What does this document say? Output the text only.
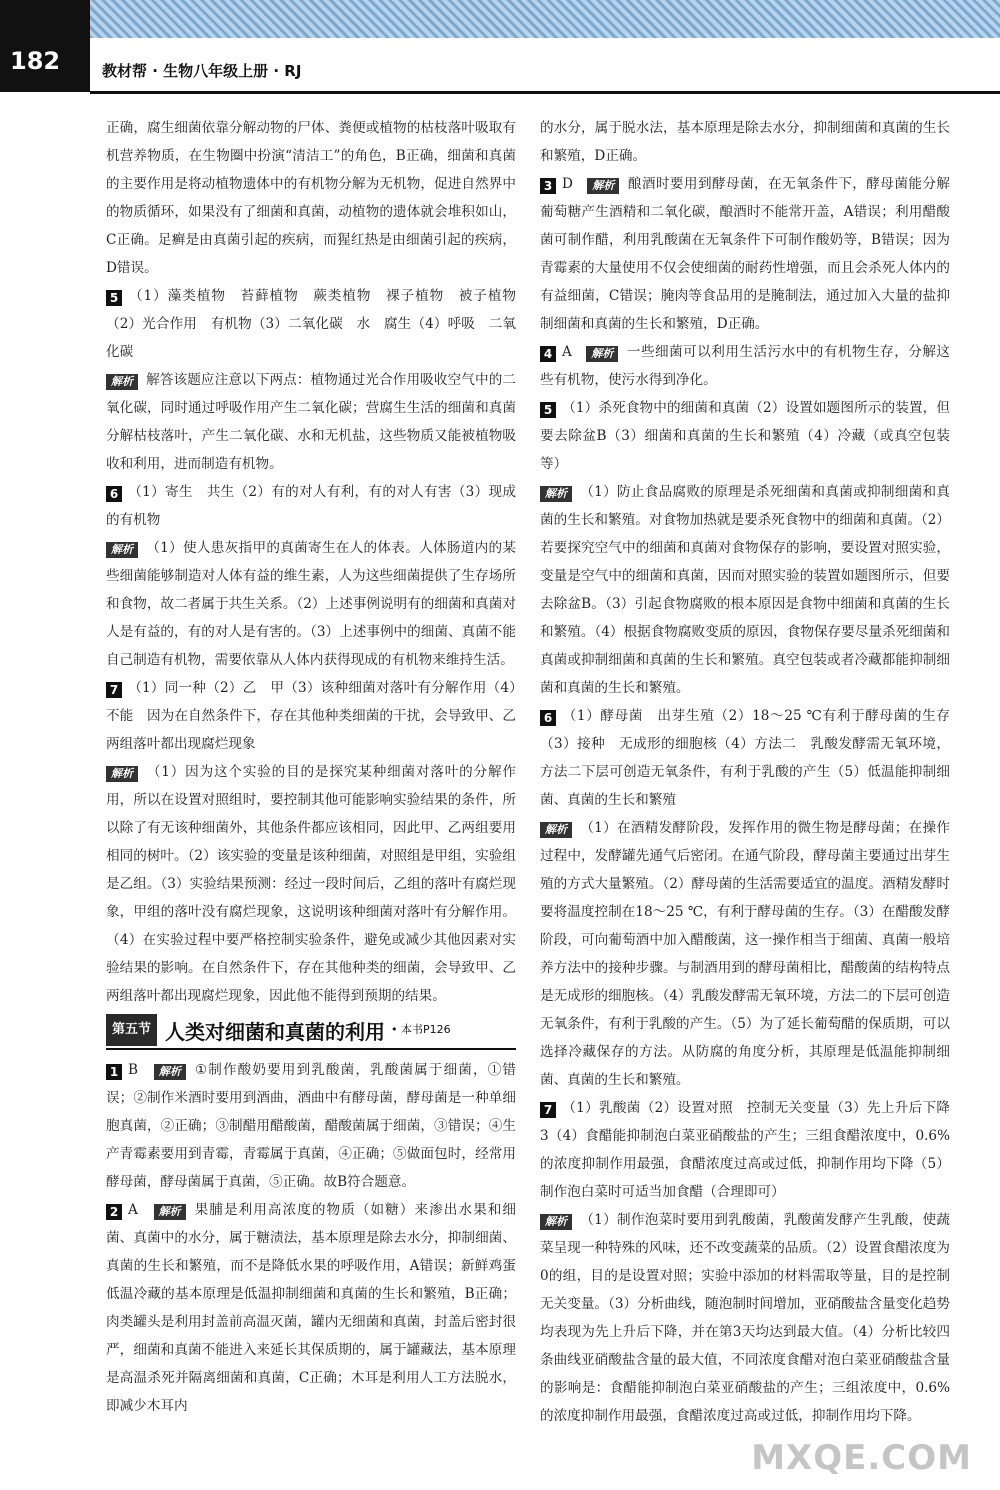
182	教材帮 · 生物八年级上册 · RJ

正确，腐生细菌依靠分解动物的尸体、粪便或植物的枯枝落叶吸取有机营养物质，在生物圈中扮演“清洁工”的角色，B正确，细菌和真菌的主要作用是将动植物遗体中的有机物分解为无机物，促进自然界中的物质循环，如果没有了细菌和真菌，动植物的遗体就会堆积如山，C正确。足癣是由真菌引起的疾病，而猩红热是由细菌引起的疾病，D错误。

5 （1）藻类植物　苔藓植物　蕨类植物　裸子植物　被子植物（2）光合作用　有机物（3）二氧化碳　水　腐生（4）呼吸　二氧化碳

解析 解答该题应注意以下两点：植物通过光合作用吸收空气中的二氧化碳，同时通过呼吸作用产生二氧化碳；营腐生生活的细菌和真菌分解枯枝落叶，产生二氧化碳、水和无机盐，这些物质又能被植物吸收和利用，进而制造有机物。

6 （1）寄生　共生（2）有的对人有利，有的对人有害（3）现成的有机物

解析 （1）使人患灰指甲的真菌寄生在人的体表。人体肠道内的某些细菌能够制造对人体有益的维生素，人为这些细菌提供了生存场所和食物，故二者属于共生关系。（2）上述事例说明有的细菌和真菌对人是有益的，有的对人是有害的。（3）上述事例中的细菌、真菌不能自己制造有机物，需要依靠从人体内获得现成的有机物来维持生活。

7 （1）同一种（2）乙　甲（3）该种细菌对落叶有分解作用（4）不能　因为在自然条件下，存在其他种类细菌的干扰，会导致甲、乙两组落叶都出现腐烂现象

解析 （1）因为这个实验的目的是探究某种细菌对落叶的分解作用，所以在设置对照组时，要控制其他可能影响实验结果的条件，所以除了有无该种细菌外，其他条件都应该相同，因此甲、乙两组要用相同的树叶。（2）该实验的变量是该种细菌，对照组是甲组，实验组是乙组。（3）实验结果预测：经过一段时间后，乙组的落叶有腐烂现象，甲组的落叶没有腐烂现象，这说明该种细菌对落叶有分解作用。（4）在实验过程中要严格控制实验条件，避免或减少其他因素对实验结果的影响。在自然条件下，存在其他种类的细菌，会导致甲、乙两组落叶都出现腐烂现象，因此他不能得到预期的结果。

第五节 人类对细菌和真菌的利用 • 本书P126

1 B　 解析 ①制作酸奶要用到乳酸菌，乳酸菌属于细菌，①错误；②制作米酒时要用到酒曲，酒曲中有酵母菌，酵母菌是一种单细胞真菌，②正确；③制醋用醋酸菌，醋酸菌属于细菌，③错误；④生产青霉素要用到青霉，青霉属于真菌，④正确；⑤做面包时，经常用酵母菌，酵母菌属于真菌，⑤正确。故B符合题意。

2 A　 解析 果脯是利用高浓度的物质（如糖）来渗出水果和细菌、真菌中的水分，属于糖渍法，基本原理是除去水分，抑制细菌、真菌的生长和繁殖，而不是降低水果的呼吸作用，A错误；新鲜鸡蛋低温冷藏的基本原理是低温抑制细菌和真菌的生长和繁殖，B正确；肉类罐头是利用封盖前高温灭菌，罐内无细菌和真菌，封盖后密封很严，细菌和真菌不能进入来延长其保质期的，属于罐藏法，基本原理是高温杀死并隔离细菌和真菌，C正确；木耳是利用人工方法脱水，即减少木耳内

的水分，属于脱水法，基本原理是除去水分，抑制细菌和真菌的生长和繁殖，D正确。

3 D　 解析 酿酒时要用到酵母菌，在无氧条件下，酵母菌能分解葡萄糖产生酒精和二氧化碳，酿酒时不能常开盖，A错误；利用醋酸菌可制作醋，利用乳酸菌在无氧条件下可制作酸奶等，B错误；因为青霉素的大量使用不仅会使细菌的耐药性增强，而且会杀死人体内的有益细菌，C错误；腌肉等食品用的是腌制法，通过加入大量的盐抑制细菌和真菌的生长和繁殖，D正确。

4 A　 解析 一些细菌可以利用生活污水中的有机物生存，分解这些有机物，使污水得到净化。

5 （1）杀死食物中的细菌和真菌（2）设置如题图所示的装置，但要去除盆B（3）细菌和真菌的生长和繁殖（4）冷藏（或真空包装等）

解析 （1）防止食品腐败的原理是杀死细菌和真菌或抑制细菌和真菌的生长和繁殖。对食物加热就是要杀死食物中的细菌和真菌。（2）若要探究空气中的细菌和真菌对食物保存的影响，要设置对照实验，变量是空气中的细菌和真菌，因而对照实验的装置如题图所示，但要去除盆B。（3）引起食物腐败的根本原因是食物中细菌和真菌的生长和繁殖。（4）根据食物腐败变质的原因，食物保存要尽量杀死细菌和真菌或抑制细菌和真菌的生长和繁殖。真空包装或者冷藏都能抑制细菌和真菌的生长和繁殖。

6 （1）酵母菌　出芽生殖（2）18～25 ℃有利于酵母菌的生存（3）接种　无成形的细胞核（4）方法二　乳酸发酵需无氧环境，方法二下层可创造无氧条件，有利于乳酸的产生（5）低温能抑制细菌、真菌的生长和繁殖

解析 （1）在酒精发酵阶段，发挥作用的微生物是酵母菌；在操作过程中，发酵罐先通气后密闭。在通气阶段，酵母菌主要通过出芽生殖的方式大量繁殖。（2）酵母菌的生活需要适宜的温度。酒精发酵时要将温度控制在18～25 ℃，有利于酵母菌的生存。（3）在醋酸发酵阶段，可向葡萄酒中加入醋酸菌，这一操作相当于细菌、真菌一般培养方法中的接种步骤。与制酒用到的酵母菌相比，醋酸菌的结构特点是无成形的细胞核。（4）乳酸发酵需无氧环境，方法二的下层可创造无氧条件，有利于乳酸的产生。（5）为了延长葡萄醋的保质期，可以选择冷藏保存的方法。从防腐的角度分析，其原理是低温能抑制细菌、真菌的生长和繁殖。

7 （1）乳酸菌（2）设置对照　控制无关变量（3）先上升后下降　3（4）食醋能抑制泡白菜亚硝酸盐的产生；三组食醋浓度中，0.6%的浓度抑制作用最强，食醋浓度过高或过低，抑制作用均下降（5）制作泡白菜时可适当加食醋（合理即可）

解析 （1）制作泡菜时要用到乳酸菌，乳酸菌发酵产生乳酸，使蔬菜呈现一种特殊的风味，还不改变蔬菜的品质。（2）设置食醋浓度为0的组，目的是设置对照；实验中添加的材料需取等量，目的是控制无关变量。（3）分析曲线，随泡制时间增加，亚硝酸盐含量变化趋势均表现为先上升后下降，并在第3天均达到最大值。（4）分析比较四条曲线亚硝酸盐含量的最大值，不同浓度食醋对泡白菜亚硝酸盐含量的影响是：食醋能抑制泡白菜亚硝酸盐的产生；三组浓度中，0.6%的浓度抑制作用最强，食醋浓度过高或过低，抑制作用均下降。

MXQE.COM
